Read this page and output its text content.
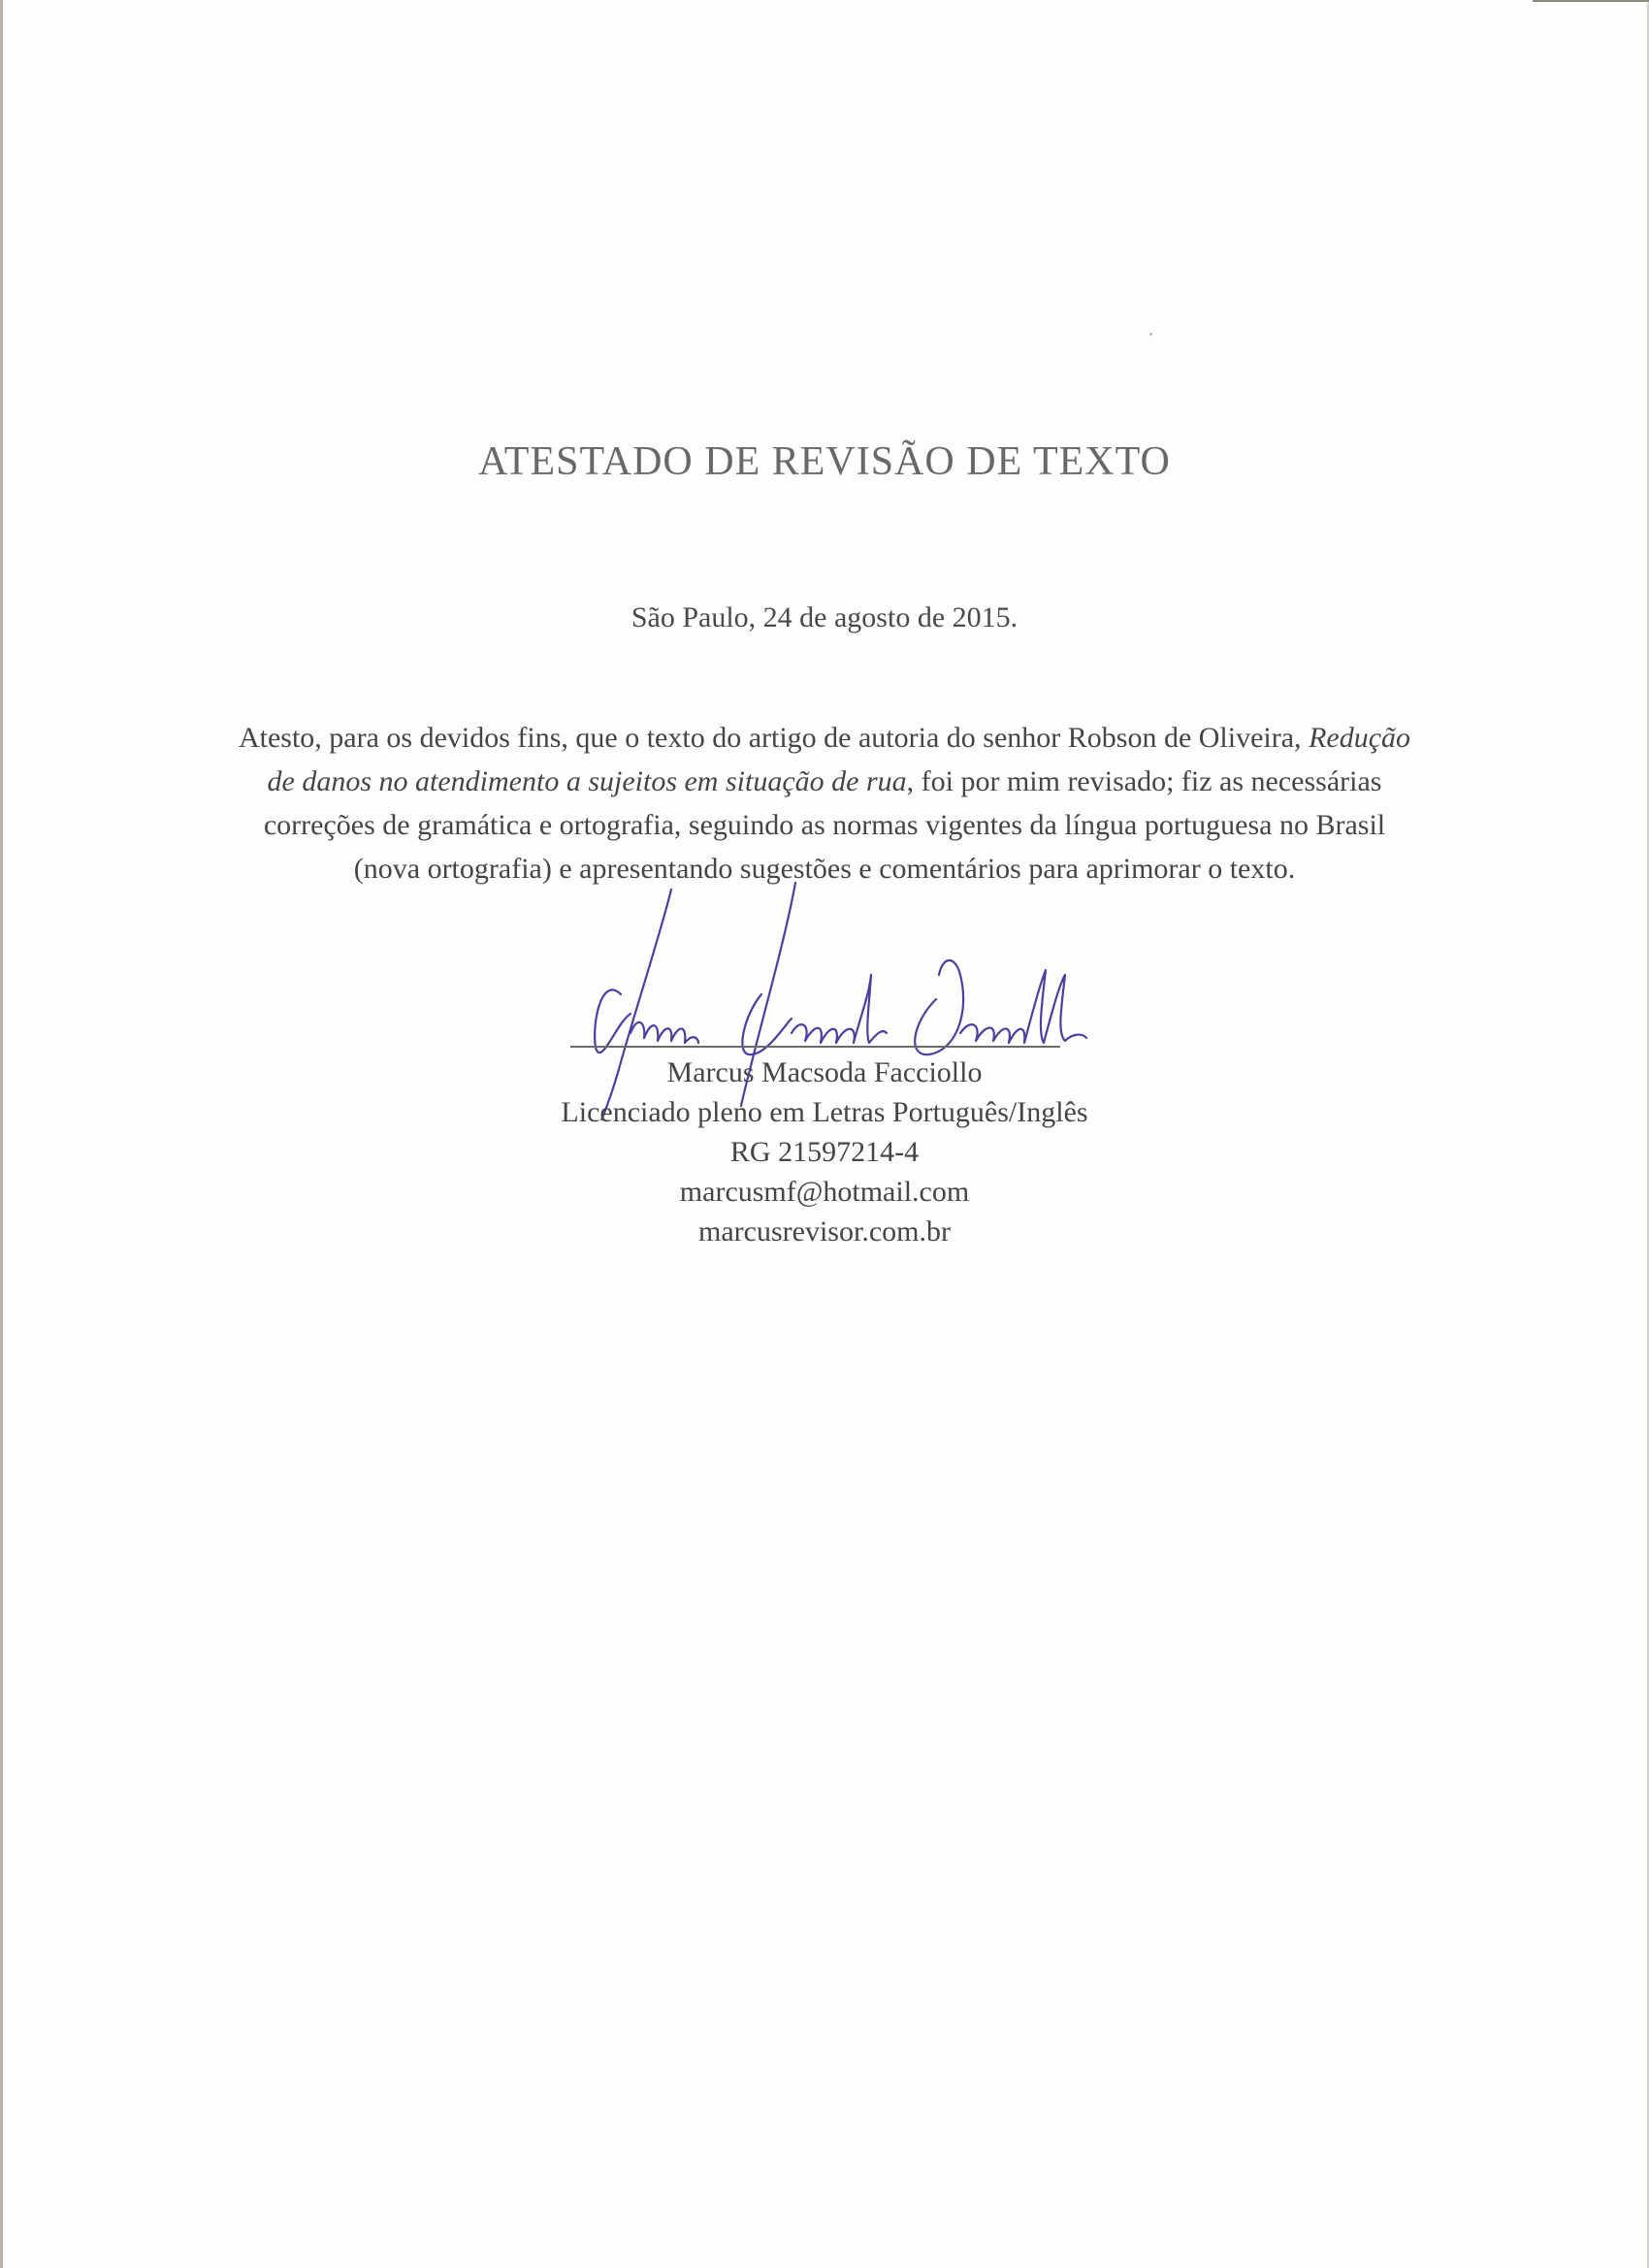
ATESTADO DE REVISÃO DE TEXTO
São Paulo, 24 de agosto de 2015.
Atesto, para os devidos fins, que o texto do artigo de autoria do senhor Robson de Oliveira, Redução de danos no atendimento a sujeitos em situação de rua, foi por mim revisado; fiz as necessárias correções de gramática e ortografia, seguindo as normas vigentes da língua portuguesa no Brasil (nova ortografia) e apresentando sugestões e comentários para aprimorar o texto.
Marcus Macsoda Facciollo
Licenciado pleno em Letras Português/Inglês
RG 21597214-4
marcusmf@hotmail.com
marcusrevisor.com.br
